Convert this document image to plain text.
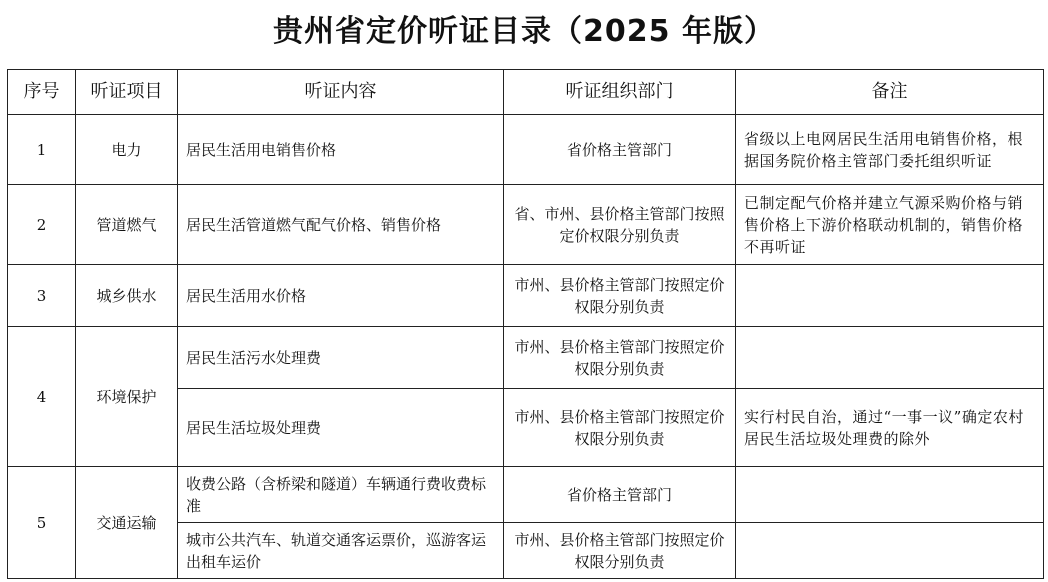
贵州省定价听证目录（2025 年版）
序号	听证项目	听证内容	听证组织部门	备注
1	电力	居民生活用电销售价格	省价格主管部门	省级以上电网居民生活用电销售价格，根据国务院价格主管部门委托组织听证
2	管道燃气	居民生活管道燃气配气价格、销售价格	省、市州、县价格主管部门按照定价权限分别负责	已制定配气价格并建立气源采购价格与销售价格上下游价格联动机制的，销售价格不再听证
3	城乡供水	居民生活用水价格	市州、县价格主管部门按照定价权限分别负责	
4	环境保护	居民生活污水处理费	市州、县价格主管部门按照定价权限分别负责	
		居民生活垃圾处理费	市州、县价格主管部门按照定价权限分别负责	实行村民自治，通过“一事一议”确定农村居民生活垃圾处理费的除外
5	交通运输	收费公路（含桥梁和隧道）车辆通行费收费标准	省价格主管部门	
		城市公共汽车、轨道交通客运票价，巡游客运出租车运价	市州、县价格主管部门按照定价权限分别负责	
